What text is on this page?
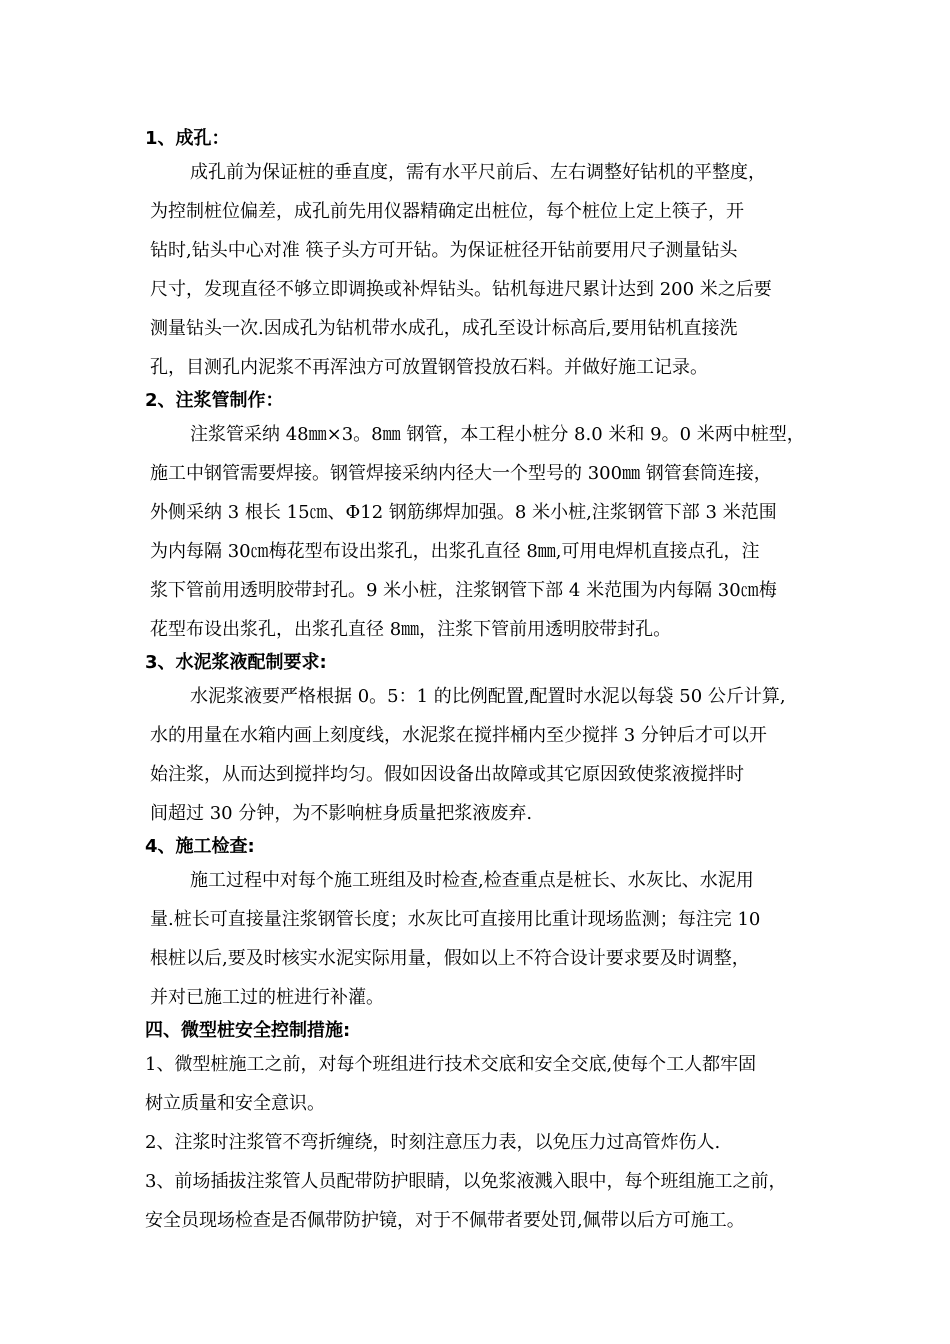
1、成孔：
成孔前为保证桩的垂直度，需有水平尺前后、左右调整好钻机的平整度，
为控制桩位偏差，成孔前先用仪器精确定出桩位，每个桩位上定上筷子，开
钻时,钻头中心对准 筷子头方可开钻。为保证桩径开钻前要用尺子测量钻头
尺寸，发现直径不够立即调换或补焊钻头。钻机每进尺累计达到 200 米之后要
测量钻头一次.因成孔为钻机带水成孔，成孔至设计标高后,要用钻机直接洗
孔，目测孔内泥浆不再浑浊方可放置钢管投放石料。并做好施工记录。
2、注浆管制作：
注浆管采纳 48㎜×3。8㎜ 钢管，本工程小桩分 8.0 米和 9。0 米两中桩型，
施工中钢管需要焊接。钢管焊接采纳内径大一个型号的 300㎜ 钢管套筒连接，
外侧采纳 3 根长 15㎝、Φ12 钢筋绑焊加强。8 米小桩,注浆钢管下部 3 米范围
为内每隔 30㎝梅花型布设出浆孔，出浆孔直径 8㎜,可用电焊机直接点孔，注
浆下管前用透明胶带封孔。9 米小桩，注浆钢管下部 4 米范围为内每隔 30㎝梅
花型布设出浆孔，出浆孔直径 8㎜，注浆下管前用透明胶带封孔。
3、水泥浆液配制要求:
水泥浆液要严格根据 0。5：1 的比例配置,配置时水泥以每袋 50 公斤计算,
水的用量在水箱内画上刻度线，水泥浆在搅拌桶内至少搅拌 3 分钟后才可以开
始注浆，从而达到搅拌均匀。假如因设备出故障或其它原因致使浆液搅拌时
间超过 30 分钟，为不影响桩身质量把浆液废弃.
4、施工检查:
施工过程中对每个施工班组及时检查,检查重点是桩长、水灰比、水泥用
量.桩长可直接量注浆钢管长度；水灰比可直接用比重计现场监测；每注完 10
根桩以后,要及时核实水泥实际用量，假如以上不符合设计要求要及时调整，
并对已施工过的桩进行补灌。
四、微型桩安全控制措施:
1、微型桩施工之前，对每个班组进行技术交底和安全交底,使每个工人都牢固
树立质量和安全意识。
2、注浆时注浆管不弯折缠绕，时刻注意压力表，以免压力过高管炸伤人.
3、前场插拔注浆管人员配带防护眼睛，以免浆液溅入眼中，每个班组施工之前，
安全员现场检查是否佩带防护镜，对于不佩带者要处罚,佩带以后方可施工。
